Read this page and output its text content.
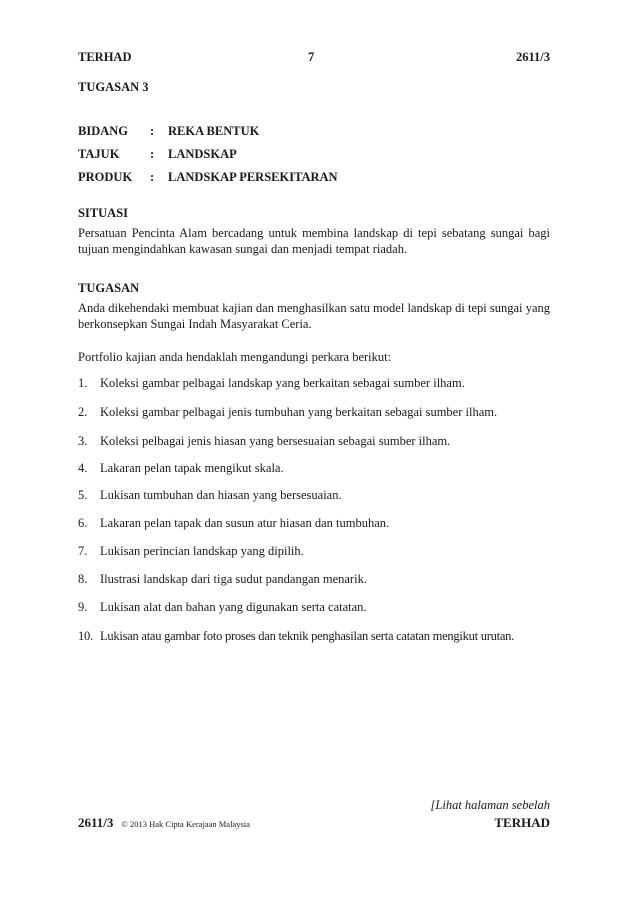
TERHAD	7	2611/3
TUGASAN 3
BIDANG : REKA BENTUK
TAJUK : LANDSKAP
PRODUK : LANDSKAP PERSEKITARAN
SITUASI
Persatuan Pencinta Alam bercadang untuk membina landskap di tepi sebatang sungai bagi tujuan mengindahkan kawasan sungai dan menjadi tempat riadah.
TUGASAN
Anda dikehendaki membuat kajian dan menghasilkan satu model landskap di tepi sungai yang berkonsepkan Sungai Indah Masyarakat Ceria.
Portfolio kajian anda hendaklah mengandungi perkara berikut:
1. Koleksi gambar pelbagai landskap yang berkaitan sebagai sumber ilham.
2. Koleksi gambar pelbagai jenis tumbuhan yang berkaitan sebagai sumber ilham.
3. Koleksi pelbagai jenis hiasan yang bersesuaian sebagai sumber ilham.
4. Lakaran pelan tapak mengikut skala.
5. Lukisan tumbuhan dan hiasan yang bersesuaian.
6. Lakaran pelan tapak dan susun atur hiasan dan tumbuhan.
7. Lukisan perincian landskap yang dipilih.
8. Ilustrasi landskap dari tiga sudut pandangan menarik.
9. Lukisan alat dan bahan yang digunakan serta catatan.
10. Lukisan atau gambar foto proses dan teknik penghasilan serta catatan mengikut urutan.
[Lihat halaman sebelah
2611/3 © 2013 Hak Cipta Kerajaan Malaysia	TERHAD
